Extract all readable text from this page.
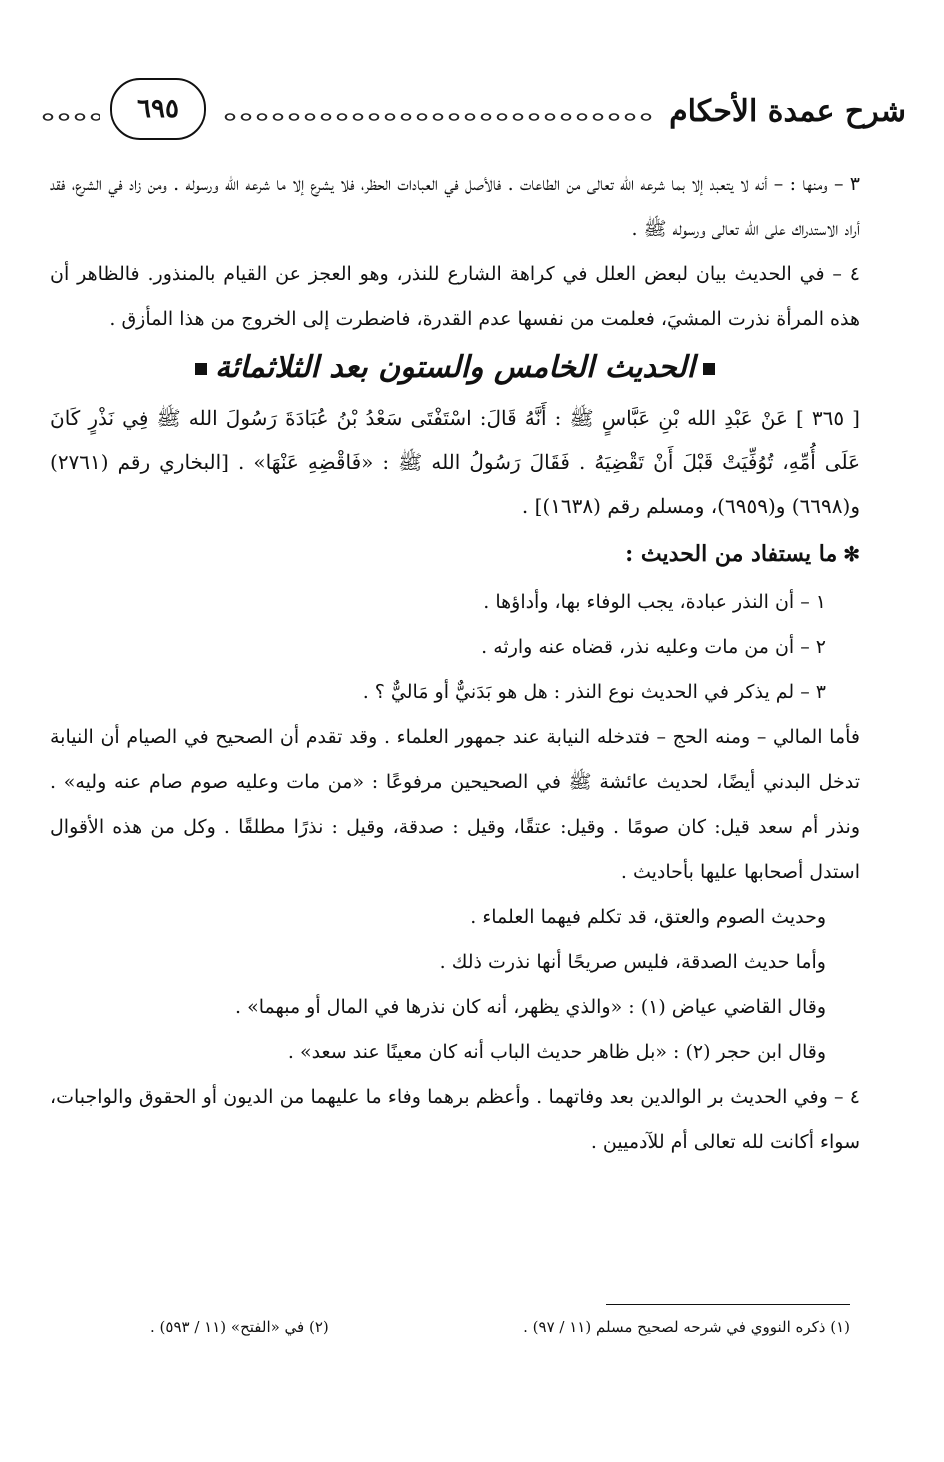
شرح عمدة الأحكام
٦٩٥

٣ – ومنها : – أنه لا يتعبد إلا بما شرعه الله تعالى من الطاعات . فالأصل في العبادات الحظر، فلا يشرع إلا ما شرعه الله ورسوله . ومن زاد في الشرع، فقد أراد الاستدراك على الله تعالى ورسوله ﷺ .

٤ – في الحديث بيان لبعض العلل في كراهة الشارع للنذر، وهو العجز عن القيام بالمنذور. فالظاهر أن هذه المرأة نذرت المشيَ، فعلمت من نفسها عدم القدرة، فاضطرت إلى الخروج من هذا المأزق .

الحديث الخامس والستون بعد الثلاثمائة

[ ٣٦٥ ] عَنْ عَبْدِ الله بْنِ عَبَّاسٍ ﷺ : أَنَّهُ قَالَ: اسْتَفْتَى سَعْدُ بْنُ عُبَادَةَ رَسُولَ الله ﷺ فِي نَذْرٍ كَانَ عَلَى أُمِّهِ، تُوُفِّيَتْ قَبْلَ أَنْ تَقْضِيَهُ . فَقَالَ رَسُولُ الله ﷺ : «فَاقْضِهِ عَنْهَا» . [البخاري رقم (٢٧٦١) و(٦٦٩٨) و(٦٩٥٩)، ومسلم رقم (١٦٣٨)] .

✻ما يستفاد من الحديث :

١ – أن النذر عبادة، يجب الوفاء بها، وأداؤها .

٢ – أن من مات وعليه نذر، قضاه عنه وارثه .

٣ – لم يذكر في الحديث نوع النذر : هل هو بَدَنيٌّ أو مَاليٌّ ؟ .

فأما المالي – ومنه الحج – فتدخله النيابة عند جمهور العلماء . وقد تقدم أن الصحيح في الصيام أن النيابة تدخل البدني أيضًا، لحديث عائشة ﷺ في الصحيحين مرفوعًا : «من مات وعليه صوم صام عنه وليه» . ونذر أم سعد قيل: كان صومًا . وقيل: عتقًا، وقيل : صدقة، وقيل : نذرًا مطلقًا . وكل من هذه الأقوال استدل أصحابها عليها بأحاديث .

وحديث الصوم والعتق، قد تكلم فيهما العلماء .

وأما حديث الصدقة، فليس صريحًا أنها نذرت ذلك .

وقال القاضي عياض (١) : «والذي يظهر، أنه كان نذرها في المال أو مبهما» .

وقال ابن حجر (٢) : «بل ظاهر حديث الباب أنه كان معينًا عند سعد» .

٤ – وفي الحديث بر الوالدين بعد وفاتهما . وأعظم برهما وفاء ما عليهما من الديون أو الحقوق والواجبات، سواء أكانت لله تعالى أم للآدميين .

(١) ذكره النووي في شرحه لصحيح مسلم (١١ / ٩٧) .
(٢) في «الفتح» (١١ / ٥٩٣) .
